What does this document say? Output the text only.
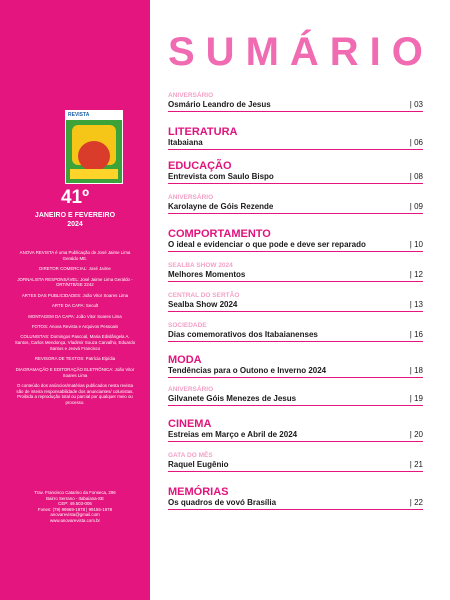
REVISTA
41º
JANEIRO E FEVEREIRO
2024

ANOVA REVISTA é uma Publicação de José Jaime Lima Geraldo ME.

DIRETOR COMERCIAL: José Jaime

JORNALISTA RESPONSÁVEL: José Jaime Lima Geraldo - DRT/MTB/SE 2242

ARTES DAS PUBLICIDADES: João Vitor Soares Lima

ARTE DA CAPA: Secult

MONTAGEM DA CAPA: João Vitor Soares Lima

FOTOS: Anova Revista e Arquivos Pessoais

COLUNISTAS: Domingos Pascoal, Maria Edislângela A. Santos, Carlos Mendonça, Vladimir Souza Carvalho, Eduardo Santos e Jeová Francisco

REVISORA DE TEXTOS: Patrícia Elpídia

DIAGRAMAÇÃO E EDITORAÇÃO ELETRÔNICA: João Vitor Soares Lima

O conteúdo dos anúncios/matérias publicados nesta revista são de inteira responsabilidade dos anunciantes/ colunistas. Proibida a reprodução total ou parcial por qualquer meio ou processo.

Trav. Francisco Catarino da Fonseca, 296

Bairro Serrano - Itabaiana-SE

CEP: 49.503-006

Fones: (79) 99969-1978 | 99155-1978

anovarevista@gmail.com

www.anovarevista.com.br

SUMÁRIO
ANIVERSÁRIO
Osmário Leandro de Jesus	| 03
LITERATURA
Itabaiana	| 06
EDUCAÇÃO
Entrevista com Saulo Bispo	| 08
ANIVERSÁRIO
Karolayne de Góis Rezende	| 09
COMPORTAMENTO
O ideal e evidenciar o que pode e deve ser reparado	| 10
SEALBA SHOW 2024
Melhores Momentos	| 12
CENTRAL DO SERTÃO
Sealba Show 2024	| 13
SOCIEDADE
Dias comemorativos dos Itabaianenses	| 16
MODA
Tendências para o Outono e Inverno 2024	| 18
ANIVERSÁRIO
Gilvanete Góis Menezes de Jesus	| 19
CINEMA
Estreias em Março e Abril de 2024	| 20
GATA DO MÊS
Raquel Eugênio	| 21
MEMÓRIAS
Os quadros de vovó Brasília	| 22
